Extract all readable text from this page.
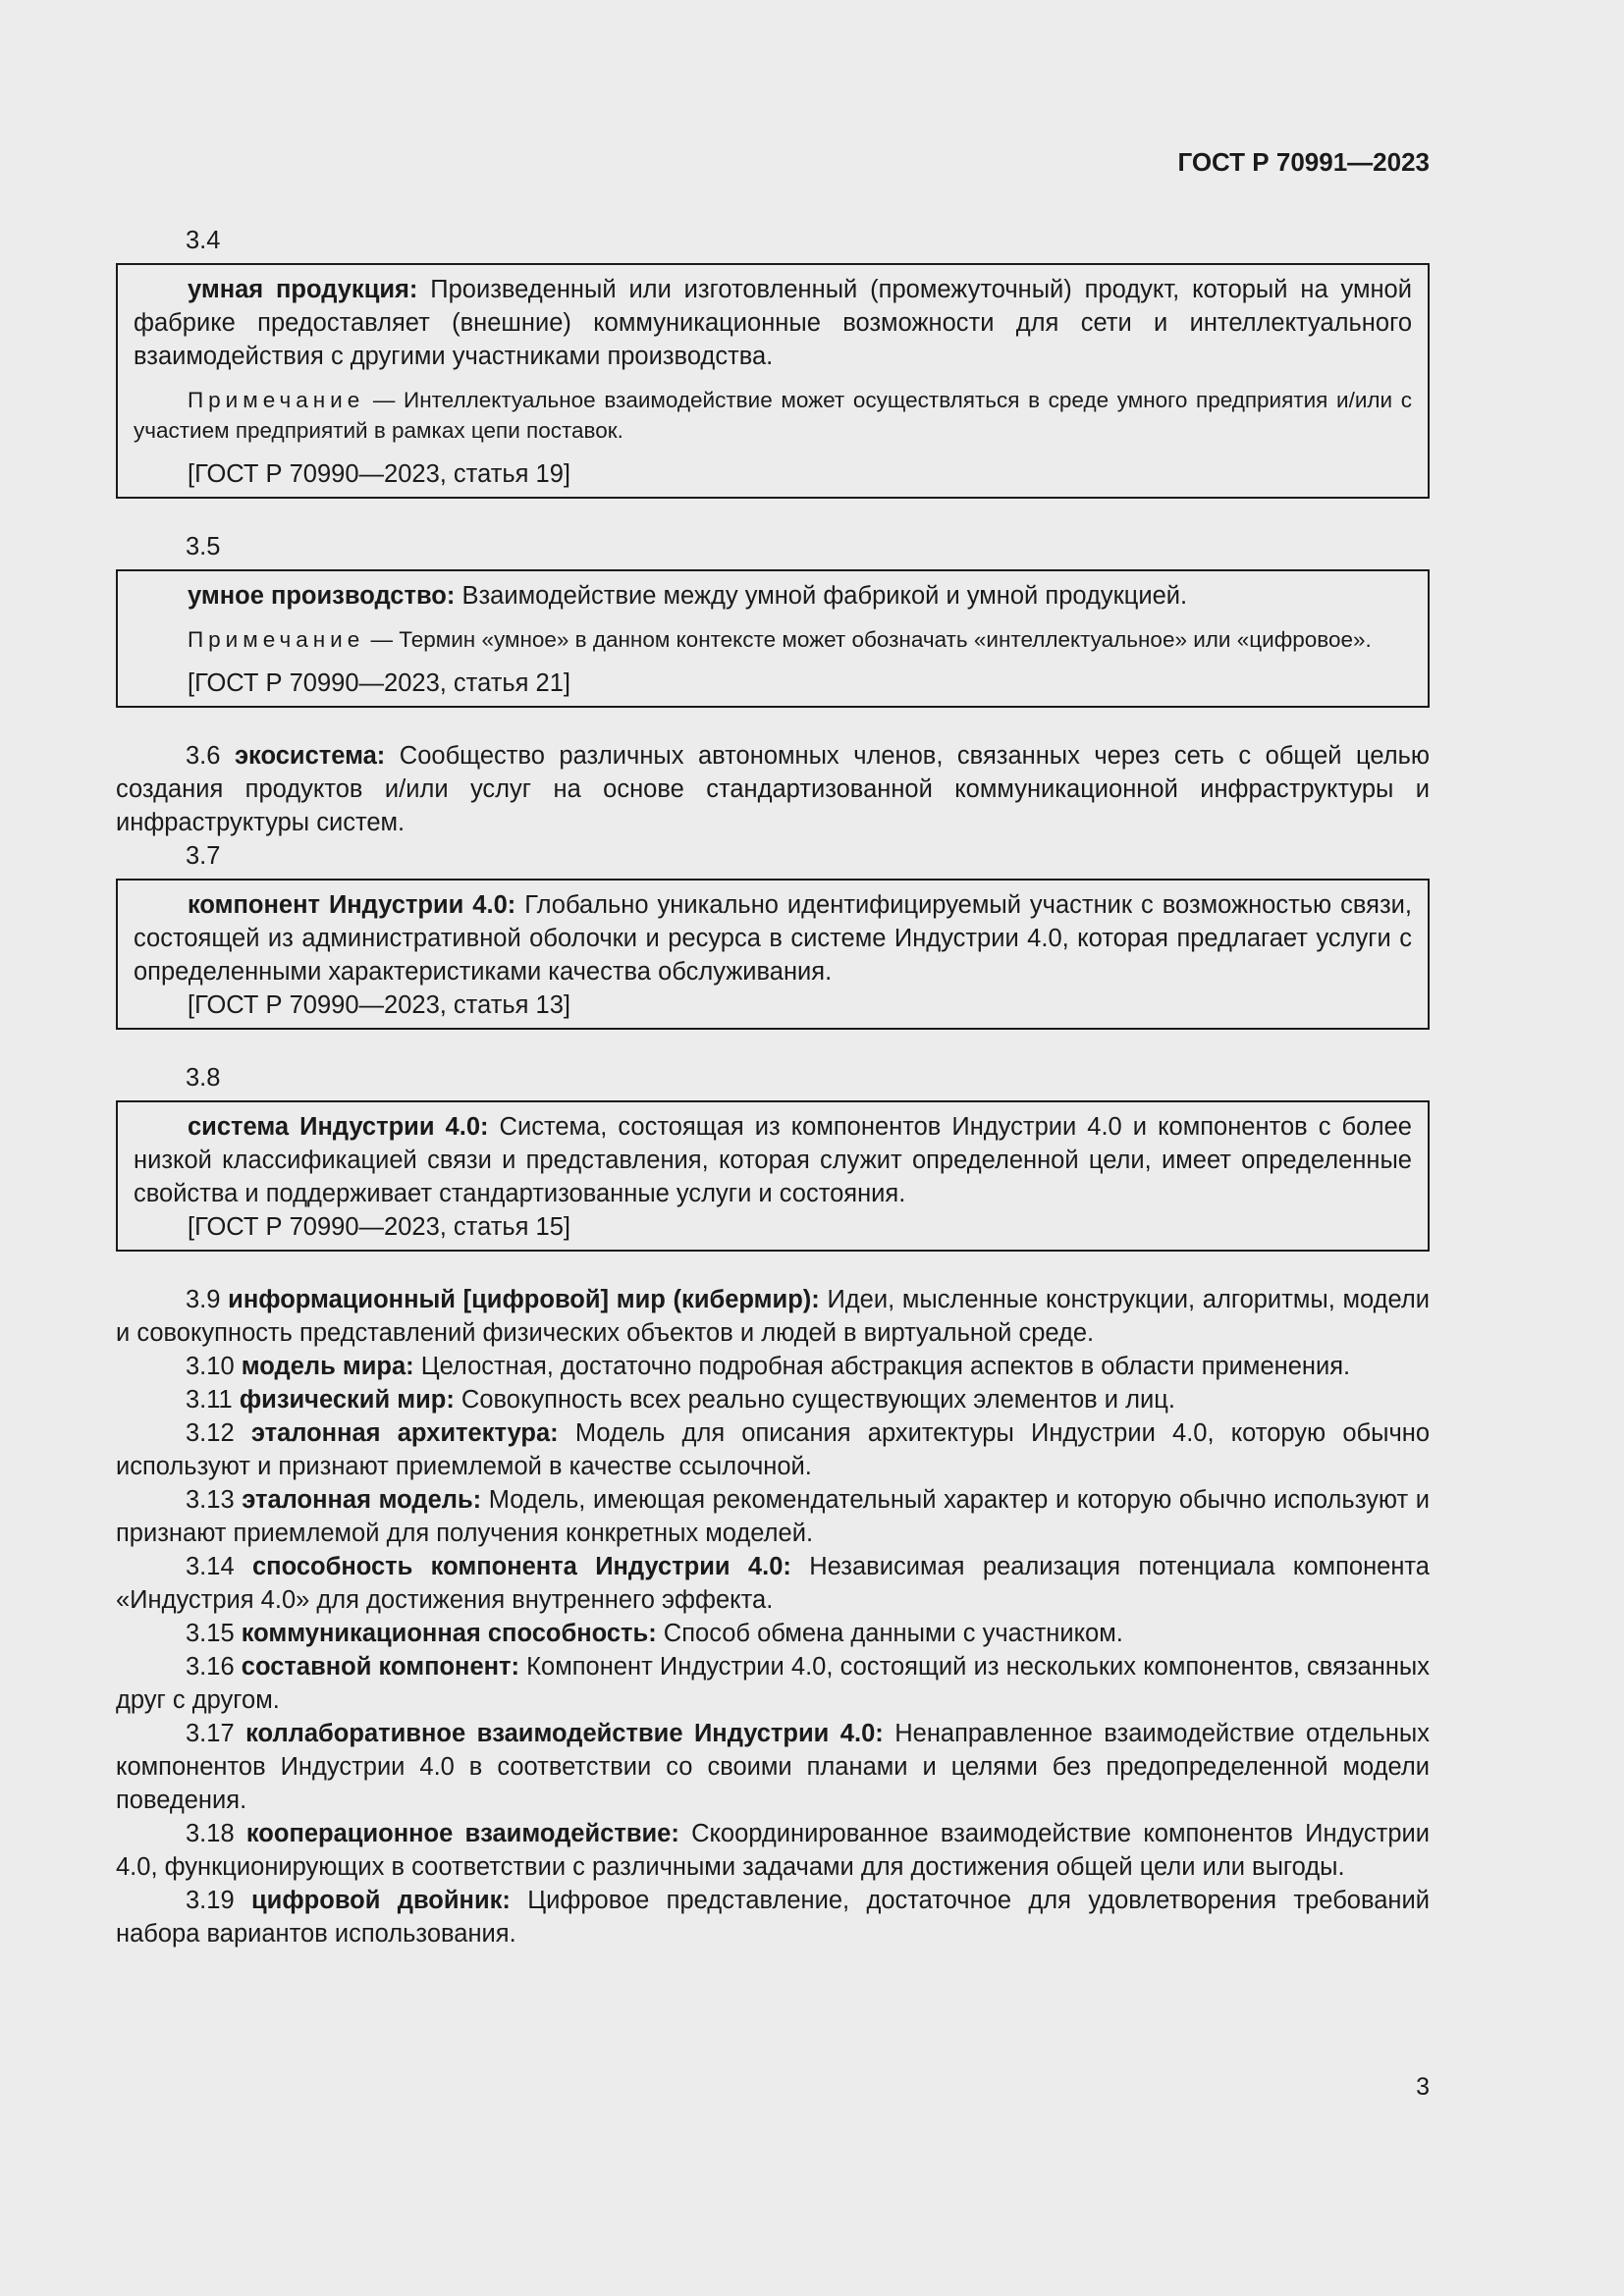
ГОСТ Р 70991—2023

3.4

умная продукция: Произведенный или изготовленный (промежуточный) продукт, который на умной фабрике предоставляет (внешние) коммуникационные возможности для сети и интеллектуального взаимодействия с другими участниками производства.

Примечание — Интеллектуальное взаимодействие может осуществляться в среде умного предприятия и/или с участием предприятий в рамках цепи поставок.

[ГОСТ Р 70990—2023, статья 19]

3.5

умное производство: Взаимодействие между умной фабрикой и умной продукцией.

Примечание — Термин «умное» в данном контексте может обозначать «интеллектуальное» или «цифровое».

[ГОСТ Р 70990—2023, статья 21]

3.6 экосистема: Сообщество различных автономных членов, связанных через сеть с общей целью создания продуктов и/или услуг на основе стандартизованной коммуникационной инфраструктуры и инфраструктуры систем.

3.7

компонент Индустрии 4.0: Глобально уникально идентифицируемый участник с возможностью связи, состоящей из административной оболочки и ресурса в системе Индустрии 4.0, которая предлагает услуги с определенными характеристиками качества обслуживания.

[ГОСТ Р 70990—2023, статья 13]

3.8

система Индустрии 4.0: Система, состоящая из компонентов Индустрии 4.0 и компонентов с более низкой классификацией связи и представления, которая служит определенной цели, имеет определенные свойства и поддерживает стандартизованные услуги и состояния.

[ГОСТ Р 70990—2023, статья 15]

3.9 информационный [цифровой] мир (кибермир): Идеи, мысленные конструкции, алгоритмы, модели и совокупность представлений физических объектов и людей в виртуальной среде.

3.10 модель мира: Целостная, достаточно подробная абстракция аспектов в области применения.

3.11 физический мир: Совокупность всех реально существующих элементов и лиц.

3.12 эталонная архитектура: Модель для описания архитектуры Индустрии 4.0, которую обычно используют и признают приемлемой в качестве ссылочной.

3.13 эталонная модель: Модель, имеющая рекомендательный характер и которую обычно используют и признают приемлемой для получения конкретных моделей.

3.14 способность компонента Индустрии 4.0: Независимая реализация потенциала компонента «Индустрия 4.0» для достижения внутреннего эффекта.

3.15 коммуникационная способность: Способ обмена данными с участником.

3.16 составной компонент: Компонент Индустрии 4.0, состоящий из нескольких компонентов, связанных друг с другом.

3.17 коллаборативное взаимодействие Индустрии 4.0: Ненаправленное взаимодействие отдельных компонентов Индустрии 4.0 в соответствии со своими планами и целями без предопределенной модели поведения.

3.18 кооперационное взаимодействие: Скоординированное взаимодействие компонентов Индустрии 4.0, функционирующих в соответствии с различными задачами для достижения общей цели или выгоды.

3.19 цифровой двойник: Цифровое представление, достаточное для удовлетворения требований набора вариантов использования.

3
